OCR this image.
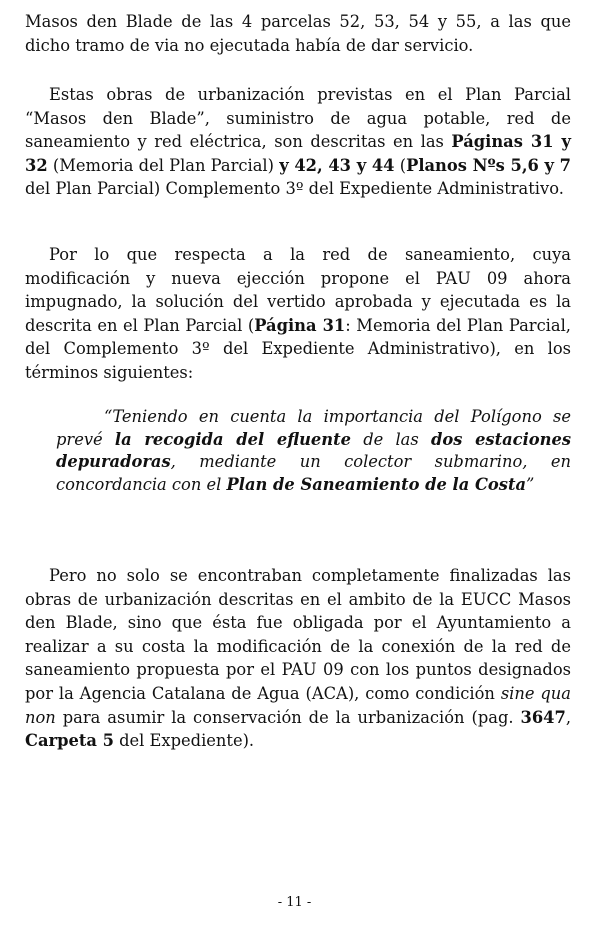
Masos den Blade de las 4 parcelas 52, 53, 54 y 55, a las que dicho tramo de via no ejecutada había de dar servicio.

Estas obras de urbanización previstas en el Plan Parcial “Masos den Blade”, suministro de agua potable, red de saneamiento y red eléctrica, son descritas en las Páginas 31 y 32 (Memoria del Plan Parcial) y 42, 43 y 44 (Planos Nºs 5,6 y 7 del Plan Parcial) Complemento 3º del Expediente Administrativo.

Por lo que respecta a la red de saneamiento, cuya modificación y nueva ejección propone el PAU 09 ahora impugnado, la solución del vertido aprobada y ejecutada es la descrita en el Plan Parcial (Página 31: Memoria del Plan Parcial, del Complemento 3º del Expediente Administrativo), en los términos siguientes:

“Teniendo en cuenta la importancia del Polígono se prevé la recogida del efluente de las dos estaciones depuradoras, mediante un colector submarino, en concordancia con el Plan de Saneamiento de la Costa”

Pero no solo se encontraban completamente finalizadas las obras de urbanización descritas en el ambito de la EUCC Masos den Blade, sino que ésta fue obligada por el Ayuntamiento a realizar a su costa la modificación de la conexión de la red de saneamiento propuesta por el PAU 09 con los puntos designados por la Agencia Catalana de Agua (ACA), como condición sine qua non para asumir la conservación de la urbanización (pag. 3647, Carpeta 5 del Expediente).

- 11 -
